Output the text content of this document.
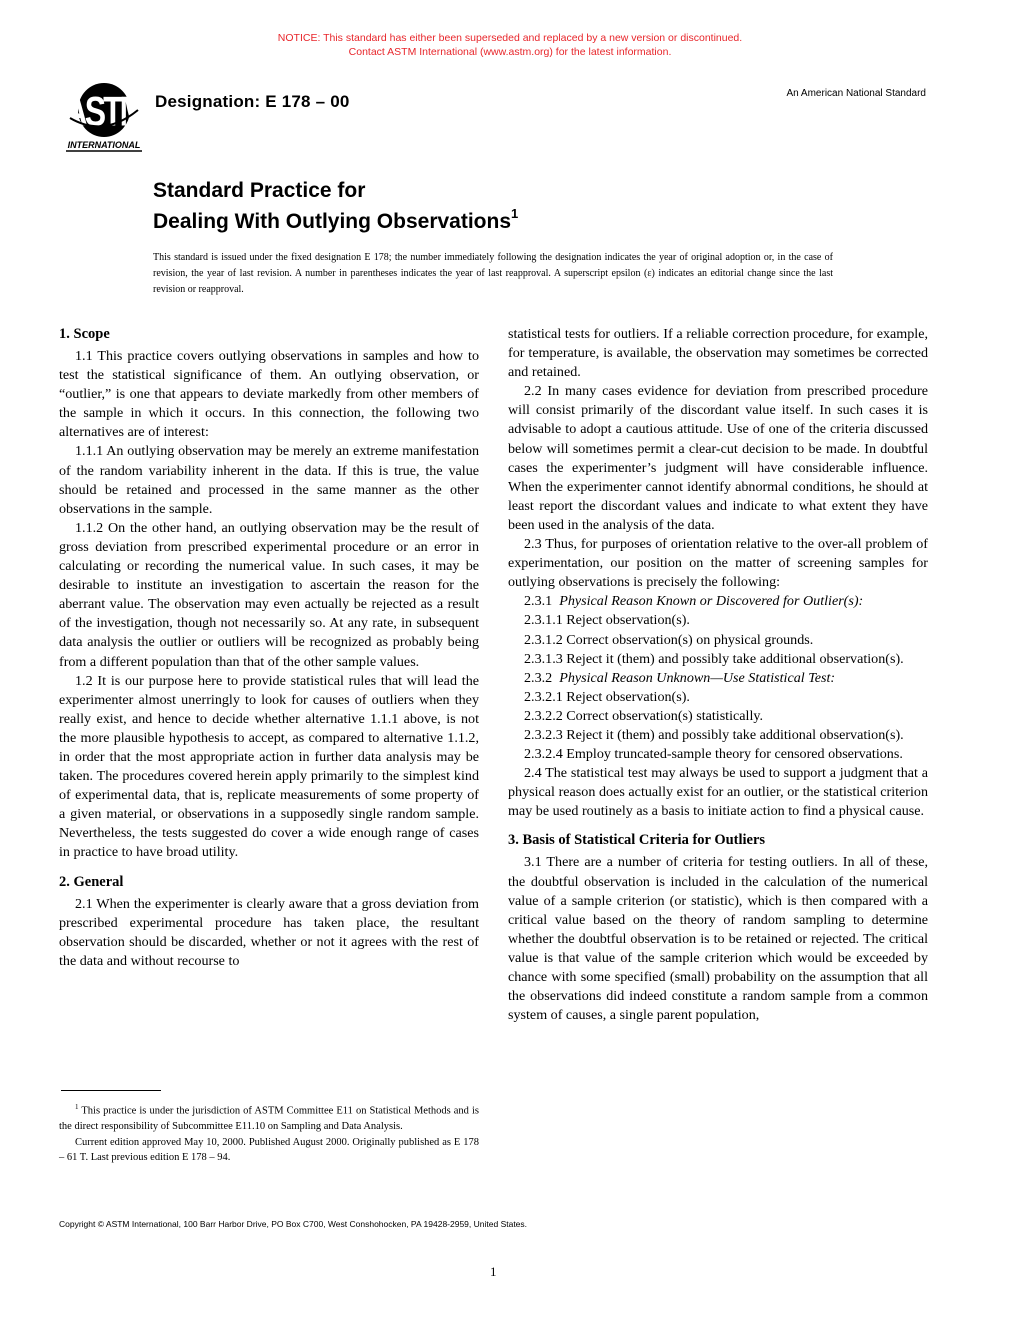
NOTICE: This standard has either been superseded and replaced by a new version or discontinued.
Contact ASTM International (www.astm.org) for the latest information.
ASTM
INTERNATIONAL
Designation: E 178 – 00	An American National Standard
Standard Practice for
Dealing With Outlying Observations$^1$
This standard is issued under the fixed designation E 178; the number immediately following the designation indicates the year of original adoption or, in the case of revision, the year of last revision. A number in parentheses indicates the year of last reapproval. A superscript epsilon (ε) indicates an editorial change since the last revision or reapproval.
1. Scope

1.1 This practice covers outlying observations in samples and how to test the statistical significance of them. An outlying observation, or “outlier,” is one that appears to deviate markedly from other members of the sample in which it occurs. In this connection, the following two alternatives are of interest:

1.1.1 An outlying observation may be merely an extreme manifestation of the random variability inherent in the data. If this is true, the value should be retained and processed in the same manner as the other observations in the sample.

1.1.2 On the other hand, an outlying observation may be the result of gross deviation from prescribed experimental procedure or an error in calculating or recording the numerical value. In such cases, it may be desirable to institute an investigation to ascertain the reason for the aberrant value. The observation may even actually be rejected as a result of the investigation, though not necessarily so. At any rate, in subsequent data analysis the outlier or outliers will be recognized as probably being from a different population than that of the other sample values.

1.2 It is our purpose here to provide statistical rules that will lead the experimenter almost unerringly to look for causes of outliers when they really exist, and hence to decide whether alternative 1.1.1 above, is not the more plausible hypothesis to accept, as compared to alternative 1.1.2, in order that the most appropriate action in further data analysis may be taken. The procedures covered herein apply primarily to the simplest kind of experimental data, that is, replicate measurements of some property of a given material, or observations in a supposedly single random sample. Nevertheless, the tests suggested do cover a wide enough range of cases in practice to have broad utility.

2. General

2.1 When the experimenter is clearly aware that a gross deviation from prescribed experimental procedure has taken place, the resultant observation should be discarded, whether or not it agrees with the rest of the data and without recourse to

statistical tests for outliers. If a reliable correction procedure, for example, for temperature, is available, the observation may sometimes be corrected and retained.

2.2 In many cases evidence for deviation from prescribed procedure will consist primarily of the discordant value itself. In such cases it is advisable to adopt a cautious attitude. Use of one of the criteria discussed below will sometimes permit a clear-cut decision to be made. In doubtful cases the experimenter’s judgment will have considerable influence. When the experimenter cannot identify abnormal conditions, he should at least report the discordant values and indicate to what extent they have been used in the analysis of the data.

2.3 Thus, for purposes of orientation relative to the over-all problem of experimentation, our position on the matter of screening samples for outlying observations is precisely the following:

2.3.1 Physical Reason Known or Discovered for Outlier(s):

2.3.1.1 Reject observation(s).

2.3.1.2 Correct observation(s) on physical grounds.

2.3.1.3 Reject it (them) and possibly take additional observation(s).

2.3.2 Physical Reason Unknown—Use Statistical Test:

2.3.2.1 Reject observation(s).

2.3.2.2 Correct observation(s) statistically.

2.3.2.3 Reject it (them) and possibly take additional observation(s).

2.3.2.4 Employ truncated-sample theory for censored observations.

2.4 The statistical test may always be used to support a judgment that a physical reason does actually exist for an outlier, or the statistical criterion may be used routinely as a basis to initiate action to find a physical cause.

3. Basis of Statistical Criteria for Outliers

3.1 There are a number of criteria for testing outliers. In all of these, the doubtful observation is included in the calculation of the numerical value of a sample criterion (or statistic), which is then compared with a critical value based on the theory of random sampling to determine whether the doubtful observation is to be retained or rejected. The critical value is that value of the sample criterion which would be exceeded by chance with some specified (small) probability on the assumption that all the observations did indeed constitute a random sample from a common system of causes, a single parent population,

$^1$ This practice is under the jurisdiction of ASTM Committee E11 on Statistical Methods and is the direct responsibility of Subcommittee E11.10 on Sampling and Data Analysis.

Current edition approved May 10, 2000. Published August 2000. Originally published as E 178 – 61 T. Last previous edition E 178 – 94.

Copyright © ASTM International, 100 Barr Harbor Drive, PO Box C700, West Conshohocken, PA 19428-2959, United States.
1
